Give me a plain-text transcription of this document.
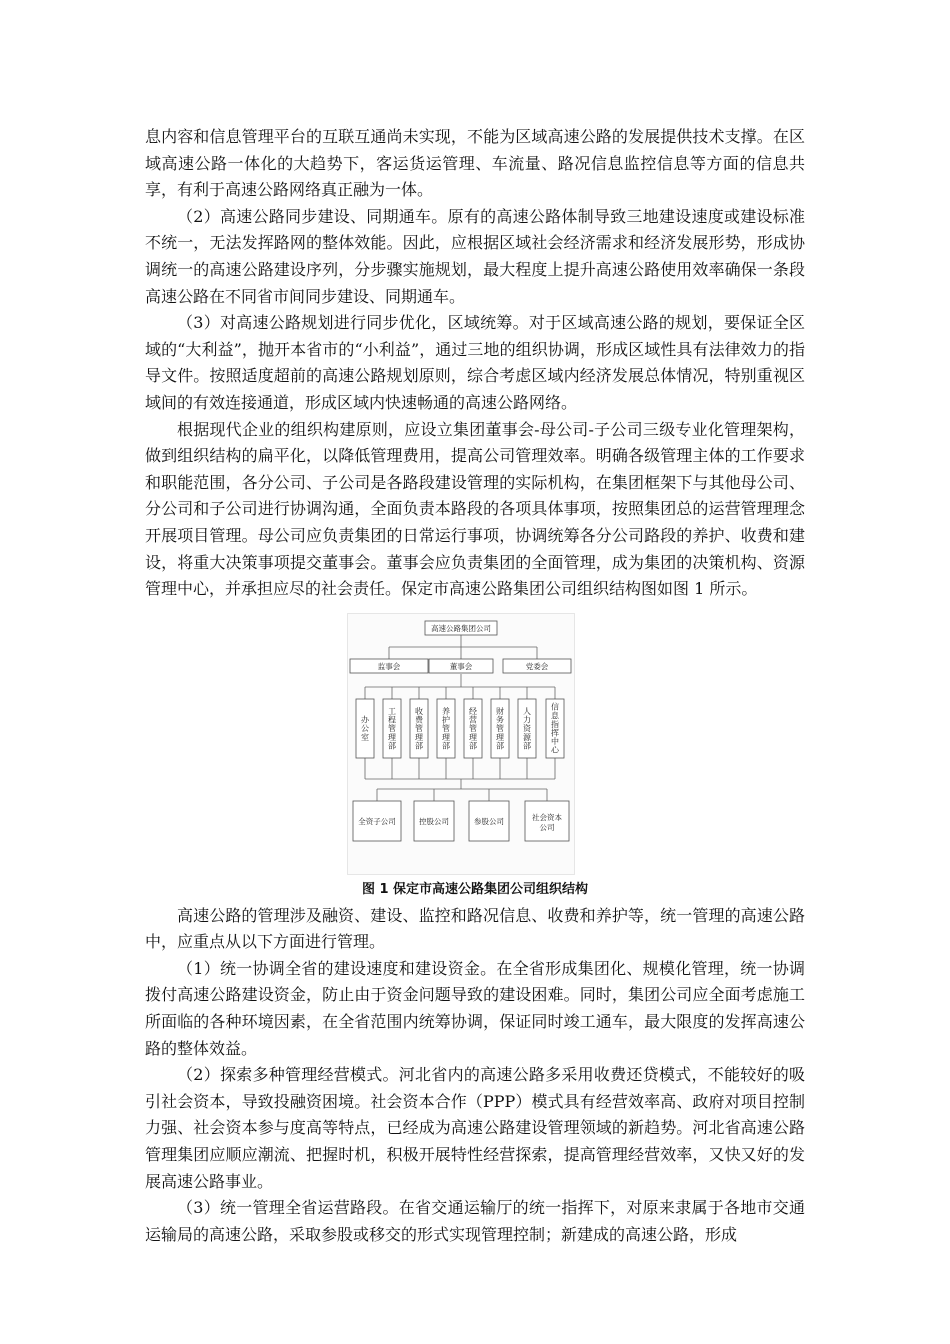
息内容和信息管理平台的互联互通尚未实现，不能为区域高速公路的发展提供技术支撑。在区域高速公路一体化的大趋势下，客运货运管理、车流量、路况信息监控信息等方面的信息共享，有利于高速公路网络真正融为一体。

（2）高速公路同步建设、同期通车。原有的高速公路体制导致三地建设速度或建设标准不统一，无法发挥路网的整体效能。因此，应根据区域社会经济需求和经济发展形势，形成协调统一的高速公路建设序列，分步骤实施规划，最大程度上提升高速公路使用效率确保一条段高速公路在不同省市间同步建设、同期通车。

（3）对高速公路规划进行同步优化，区域统筹。对于区域高速公路的规划，要保证全区域的“大利益”，抛开本省市的“小利益”，通过三地的组织协调，形成区域性具有法律效力的指导文件。按照适度超前的高速公路规划原则，综合考虑区域内经济发展总体情况，特别重视区域间的有效连接通道，形成区域内快速畅通的高速公路网络。

根据现代企业的组织构建原则，应设立集团董事会-母公司-子公司三级专业化管理架构，做到组织结构的扁平化，以降低管理费用，提高公司管理效率。明确各级管理主体的工作要求和职能范围，各分公司、子公司是各路段建设管理的实际机构，在集团框架下与其他母公司、分公司和子公司进行协调沟通，全面负责本路段的各项具体事项，按照集团总的运营管理理念开展项目管理。母公司应负责集团的日常运行事项，协调统筹各分公司路段的养护、收费和建设，将重大决策事项提交董事会。董事会应负责集团的全面管理，成为集团的决策机构、资源管理中心，并承担应尽的社会责任。保定市高速公路集团公司组织结构图如图 1 所示。

高速公路集团公司
监事会	董事会	党委会
办公室
工程管理部
收费管理部
养护管理部
经营管理部
财务管理部
人力资源部
信息指挥中心
全资子公司	控股公司	参股公司	社会资本
公司
图 1 保定市高速公路集团公司组织结构

高速公路的管理涉及融资、建设、监控和路况信息、收费和养护等，统一管理的高速公路中，应重点从以下方面进行管理。

（1）统一协调全省的建设速度和建设资金。在全省形成集团化、规模化管理，统一协调拨付高速公路建设资金，防止由于资金问题导致的建设困难。同时，集团公司应全面考虑施工所面临的各种环境因素，在全省范围内统筹协调，保证同时竣工通车，最大限度的发挥高速公路的整体效益。

（2）探索多种管理经营模式。河北省内的高速公路多采用收费还贷模式，不能较好的吸引社会资本，导致投融资困境。社会资本合作（PPP）模式具有经营效率高、政府对项目控制力强、社会资本参与度高等特点，已经成为高速公路建设管理领域的新趋势。河北省高速公路管理集团应顺应潮流、把握时机，积极开展特性经营探索，提高管理经营效率，又快又好的发展高速公路事业。

（3）统一管理全省运营路段。在省交通运输厅的统一指挥下，对原来隶属于各地市交通运输局的高速公路，采取参股或移交的形式实现管理控制；新建成的高速公路，形成
